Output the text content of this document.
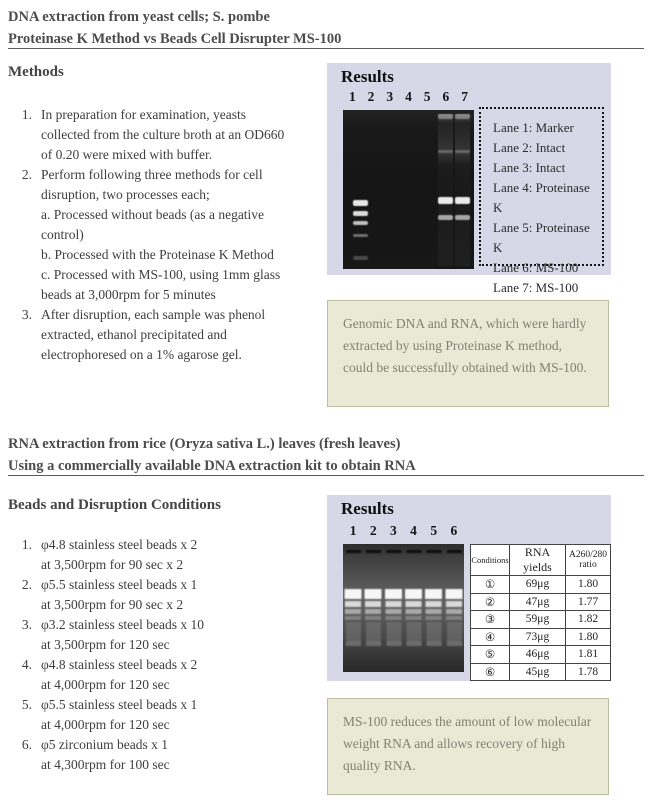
DNA extraction from yeast cells; S. pombe
Proteinase K Method vs Beads Cell Disrupter MS-100
Methods
1. In preparation for examination, yeasts
collected from the culture broth at an OD660
of 0.20 were mixed with buffer.
2. Perform following three methods for cell
disruption, two processes each;
a. Processed without beads (as a negative
control)
b. Processed with the Proteinase K Method
c. Processed with MS-100, using 1mm glass
beads at 3,000rpm for 5 minutes
3. After disruption, each sample was phenol
extracted, ethanol precipitated and
electrophoresed on a 1% agarose gel.
Results
1 2 3 4 5 6 7
Lane 1: Marker
Lane 2: Intact
Lane 3: Intact
Lane 4: Proteinase K
Lane 5: Proteinase K
Lane 6: MS-100
Lane 7: MS-100
Genomic DNA and RNA, which were hardly extracted by using Proteinase K method, could be successfully obtained with MS-100.
RNA extraction from rice (Oryza sativa L.) leaves (fresh leaves)
Using a commercially available DNA extraction kit to obtain RNA
Beads and Disruption Conditions
1. φ4.8 stainless steel beads x 2
at 3,500rpm for 90 sec x 2
2. φ5.5 stainless steel beads x 1
at 3,500rpm for 90 sec x 2
3. φ3.2 stainless steel beads x 10
at 3,500rpm for 120 sec
4. φ4.8 stainless steel beads x 2
at 4,000rpm for 120 sec
5. φ5.5 stainless steel beads x 1
at 4,000rpm for 120 sec
6. φ5 zirconium beads x 1
at 4,300rpm for 100 sec
Results
1 2 3 4 5 6
Conditions	RNA yields	A260/280 ratio
①	69μg	1.80
②	47μg	1.77
③	59μg	1.82
④	73μg	1.80
⑤	46μg	1.81
⑥	45μg	1.78
MS-100 reduces the amount of low molecular weight RNA and allows recovery of high quality RNA.
